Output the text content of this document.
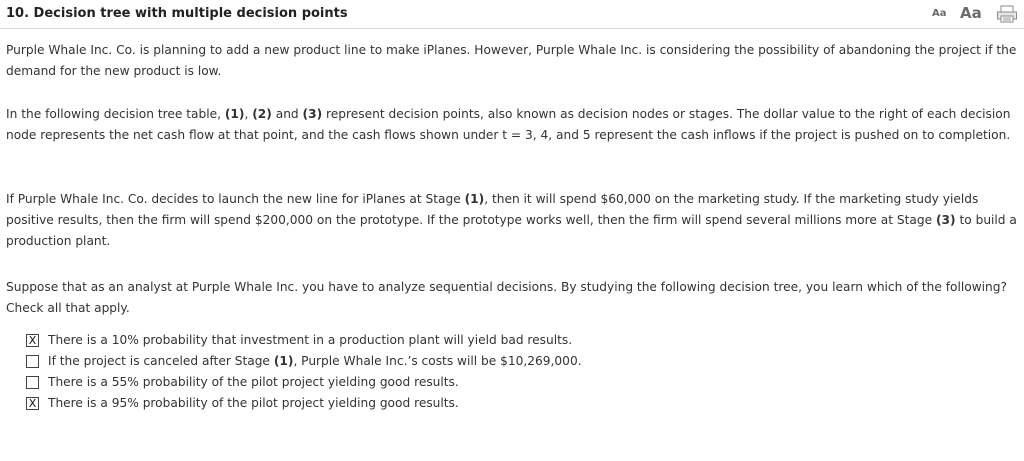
10. Decision tree with multiple decision points	Aa Aa

Purple Whale Inc. Co. is planning to add a new product line to make iPlanes. However, Purple Whale Inc. is considering the possibility of abandoning the project if the demand for the new product is low.

In the following decision tree table, (1), (2) and (3) represent decision points, also known as decision nodes or stages. The dollar value to the right of each decision node represents the net cash flow at that point, and the cash flows shown under t = 3, 4, and 5 represent the cash inflows if the project is pushed on to completion.

If Purple Whale Inc. Co. decides to launch the new line for iPlanes at Stage (1), then it will spend $60,000 on the marketing study. If the marketing study yields positive results, then the firm will spend $200,000 on the prototype. If the prototype works well, then the firm will spend several millions more at Stage (3) to build a production plant.

Suppose that as an analyst at Purple Whale Inc. you have to analyze sequential decisions. By studying the following decision tree, you learn which of the following? Check all that apply.

X There is a 10% probability that investment in a production plant will yield bad results.
If the project is canceled after Stage (1), Purple Whale Inc.’s costs will be $10,269,000.
There is a 55% probability of the pilot project yielding good results.
X There is a 95% probability of the pilot project yielding good results.
